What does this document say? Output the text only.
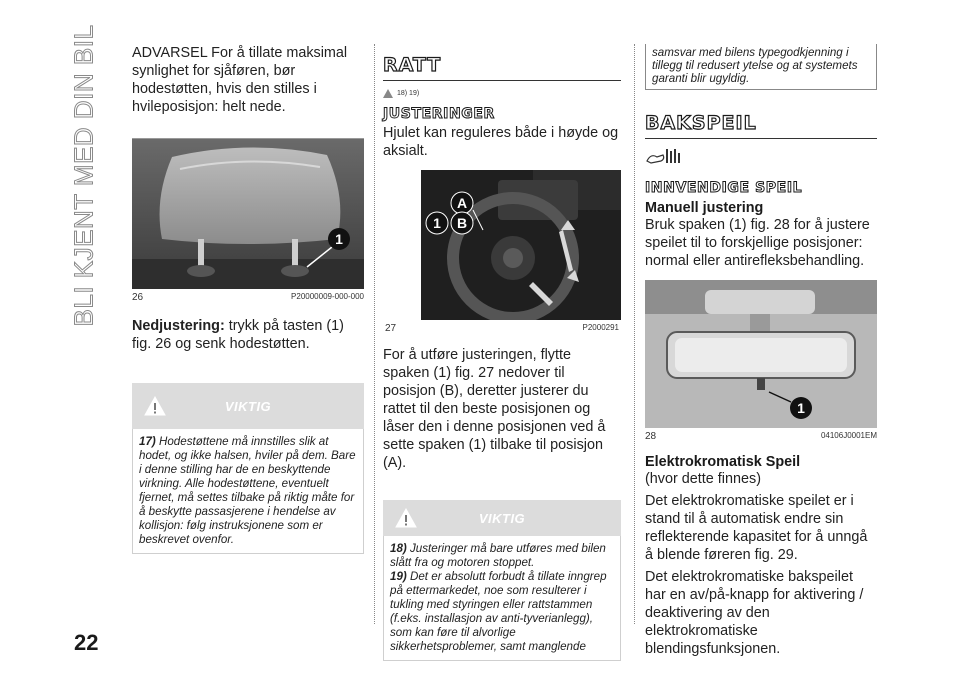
BLI KJENT MED DIN BIL
22

ADVARSEL For å tillate maksimal synlighet for sjåføren, bør hodestøtten, hvis den stilles i hvileposisjon: helt nede.

1
26	P20000009-000-000

Nedjustering: trykk på tasten (1) fig. 26 og senk hodestøtten.

VIKTIG
17) Hodestøttene må innstilles slik at hodet, og ikke halsen, hviler på dem. Bare i denne stilling har de en beskyttende virkning. Alle hodestøttene, eventuelt fjernet, må settes tilbake på riktig måte for å beskytte passasjerene i hendelse av kollisjon: følg instruksjonene som er beskrevet ovenfor.
RATT
18) 19)
JUSTERINGER

Hjulet kan reguleres både i høyde og aksialt.

A
1 B
27	P2000291

For å utføre justeringen, flytte spaken (1) fig. 27 nedover til posisjon (B), deretter justerer du rattet til den beste posisjonen og låser den i denne posisjonen ved å sette spaken (1) tilbake til posisjon (A).

VIKTIG

18) Justeringer må bare utføres med bilen slått fra og motoren stoppet.

19) Det er absolutt forbudt å tillate inngrep på ettermarkedet, noe som resulterer i tukling med styringen eller rattstammen (f.eks. installasjon av anti-tyverianlegg), som kan føre til alvorlige sikkerhetsproblemer, samt manglende

samsvar med bilens typegodkjenning i tillegg til redusert ytelse og at systemets garanti blir ugyldig.
BAKSPEIL
INNVENDIGE SPEIL
Manuell justering

Bruk spaken (1) fig. 28 for å justere speilet til to forskjellige posisjoner: normal eller antirefleksbehandling.

1
28	04106J0001EM
Elektrokromatisk Speil

(hvor dette finnes)

Det elektrokromatiske speilet er i stand til å automatisk endre sin reflekterende kapasitet for å unngå å blende føreren fig. 29.

Det elektrokromatiske bakspeilet har en av/på-knapp for aktivering / deaktivering av den elektrokromatiske blendingsfunksjonen.
